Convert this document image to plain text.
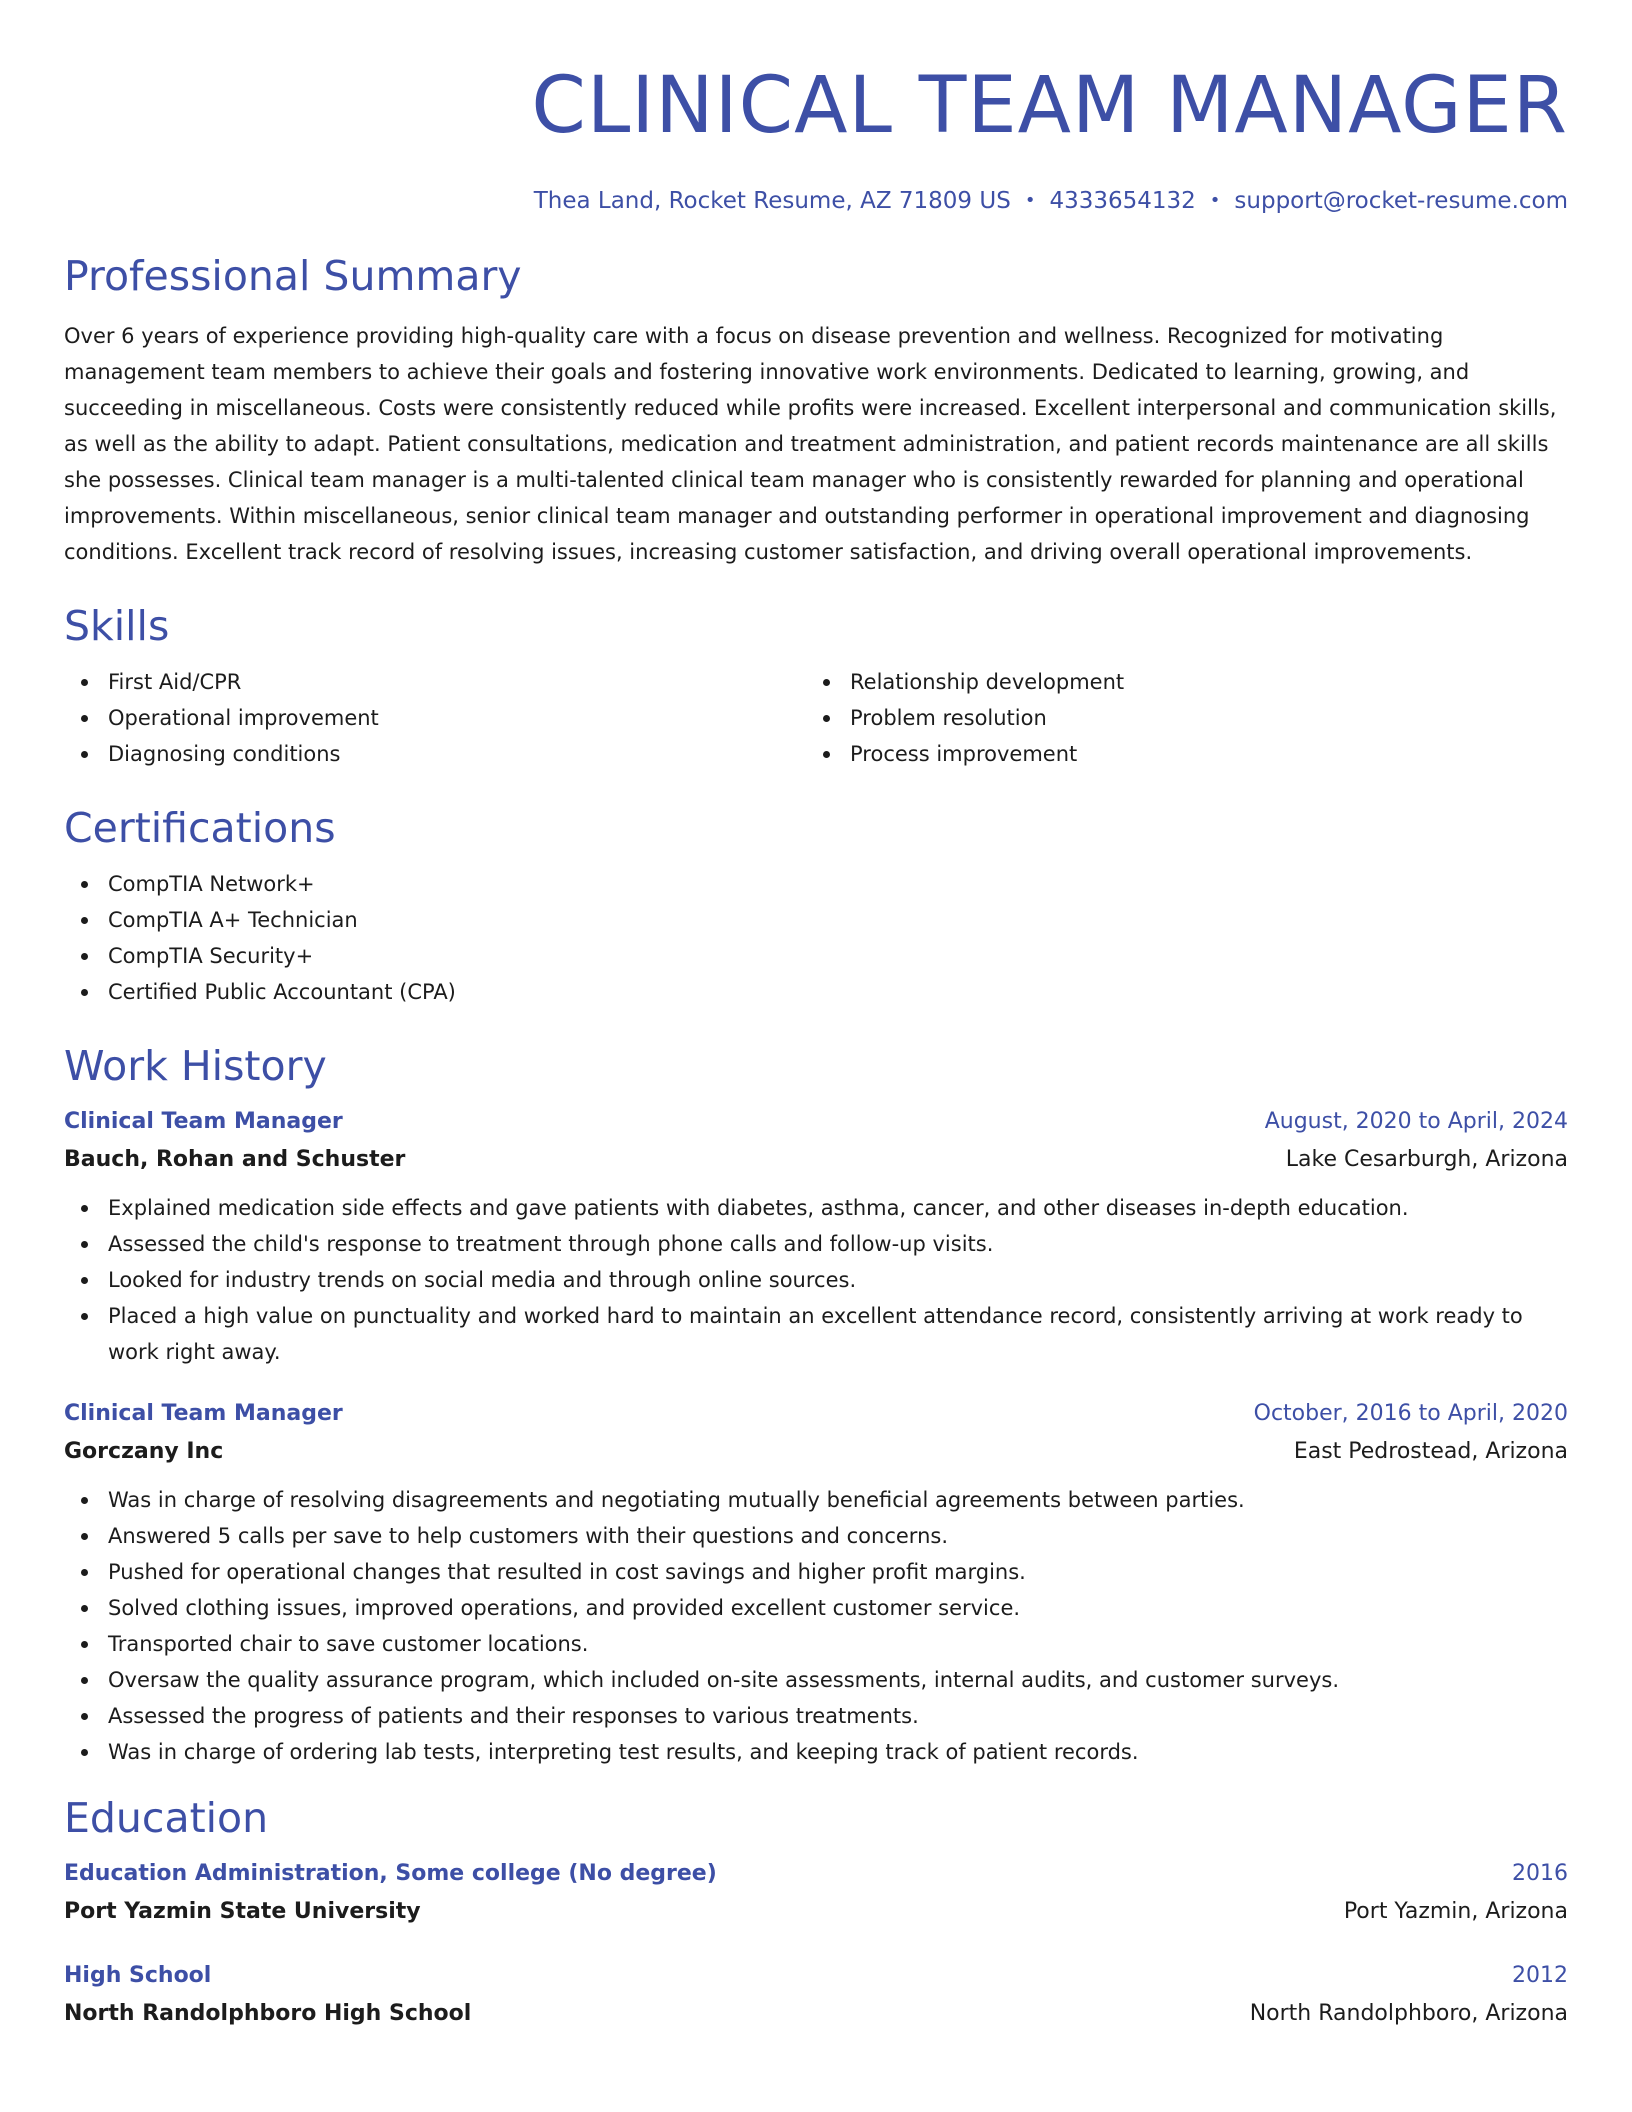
CLINICAL TEAM MANAGER
Thea Land, Rocket Resume, AZ 71809 US • 4333654132 • support@rocket-resume.com
Professional Summary

Over 6 years of experience providing high-quality care with a focus on disease prevention and wellness. Recognized for motivating management team members to achieve their goals and fostering innovative work environments. Dedicated to learning, growing, and succeeding in miscellaneous. Costs were consistently reduced while profits were increased. Excellent interpersonal and communication skills, as well as the ability to adapt. Patient consultations, medication and treatment administration, and patient records maintenance are all skills she possesses. Clinical team manager is a multi-talented clinical team manager who is consistently rewarded for planning and operational improvements. Within miscellaneous, senior clinical team manager and outstanding performer in operational improvement and diagnosing conditions. Excellent track record of resolving issues, increasing customer satisfaction, and driving overall operational improvements.

Skills
First Aid/CPR
Operational improvement
Diagnosing conditions
Relationship development
Problem resolution
Process improvement
Certifications
CompTIA Network+
CompTIA A+ Technician
CompTIA Security+
Certified Public Accountant (CPA)
Work History
Clinical Team Manager	August, 2020 to April, 2024
Bauch, Rohan and Schuster	Lake Cesarburgh, Arizona
Explained medication side effects and gave patients with diabetes, asthma, cancer, and other diseases in-depth education.
Assessed the child's response to treatment through phone calls and follow-up visits.
Looked for industry trends on social media and through online sources.
Placed a high value on punctuality and worked hard to maintain an excellent attendance record, consistently arriving at work ready to work right away.
Clinical Team Manager	October, 2016 to April, 2020
Gorczany Inc	East Pedrostead, Arizona
Was in charge of resolving disagreements and negotiating mutually beneficial agreements between parties.
Answered 5 calls per save to help customers with their questions and concerns.
Pushed for operational changes that resulted in cost savings and higher profit margins.
Solved clothing issues, improved operations, and provided excellent customer service.
Transported chair to save customer locations.
Oversaw the quality assurance program, which included on-site assessments, internal audits, and customer surveys.
Assessed the progress of patients and their responses to various treatments.
Was in charge of ordering lab tests, interpreting test results, and keeping track of patient records.
Education
Education Administration, Some college (No degree)	2016
Port Yazmin State University	Port Yazmin, Arizona
High School	2012
North Randolphboro High School	North Randolphboro, Arizona
